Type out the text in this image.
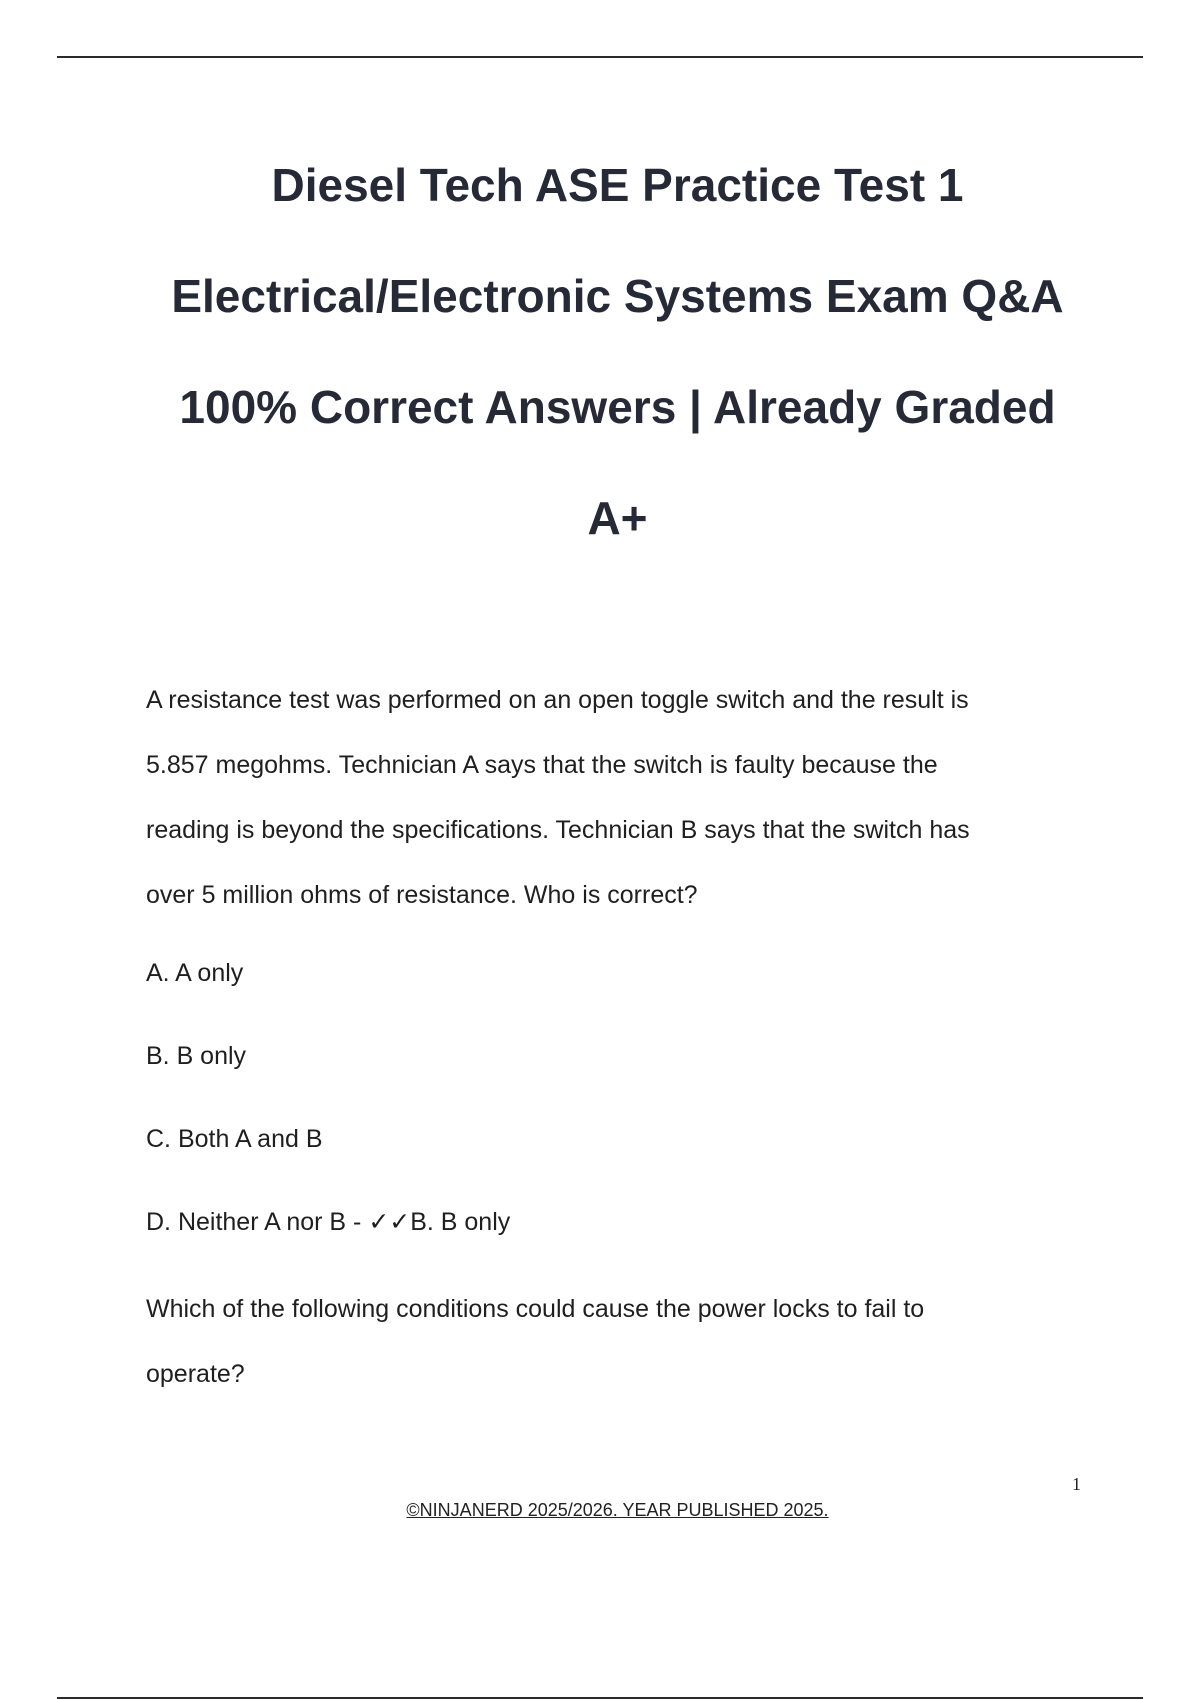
Diesel Tech ASE Practice Test 1
Electrical/Electronic Systems Exam Q&A
100% Correct Answers | Already Graded
A+

A resistance test was performed on an open toggle switch and the result is

5.857 megohms. Technician A says that the switch is faulty because the

reading is beyond the specifications. Technician B says that the switch has

over 5 million ohms of resistance. Who is correct?

A. A only

B. B only

C. Both A and B

D. Neither A nor B - ✓✓B. B only

Which of the following conditions could cause the power locks to fail to

operate?

1
©NINJANERD 2025/2026. YEAR PUBLISHED 2025.
